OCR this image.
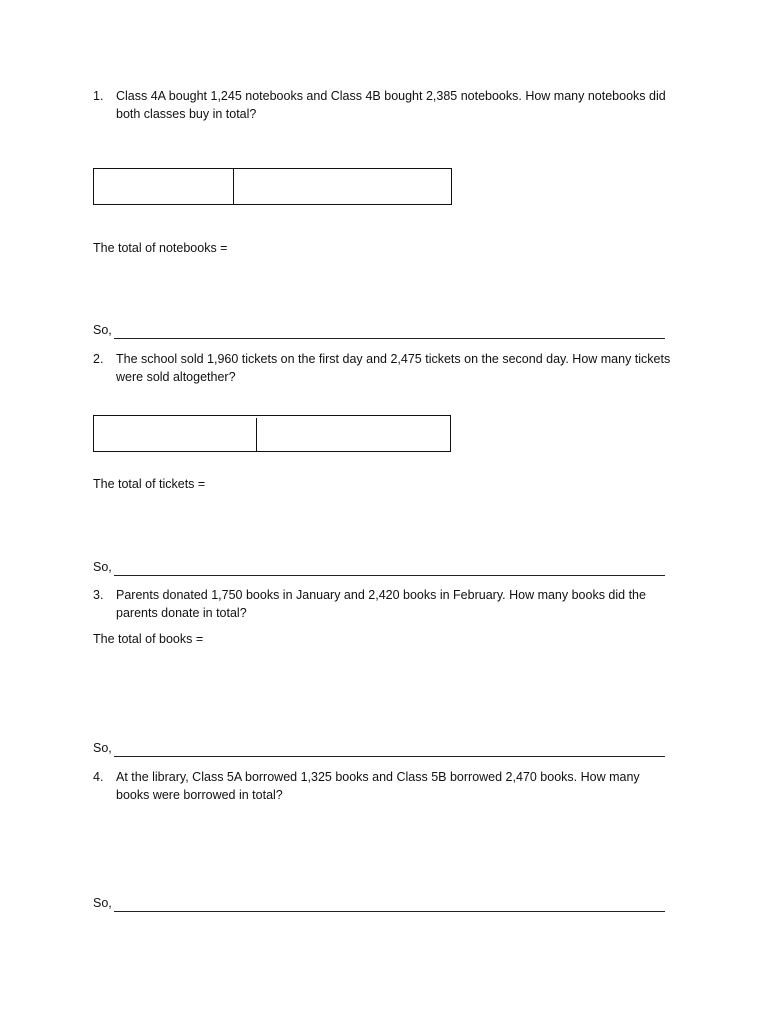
1. Class 4A bought 1,245 notebooks and Class 4B bought 2,385 notebooks. How many notebooks did both classes buy in total?
The total of notebooks =
So,
2. The school sold 1,960 tickets on the first day and 2,475 tickets on the second day. How many tickets were sold altogether?
The total of tickets =
So,
3. Parents donated 1,750 books in January and 2,420 books in February. How many books did the parents donate in total?
The total of books =
So,
4. At the library, Class 5A borrowed 1,325 books and Class 5B borrowed 2,470 books. How many books were borrowed in total?
So,
